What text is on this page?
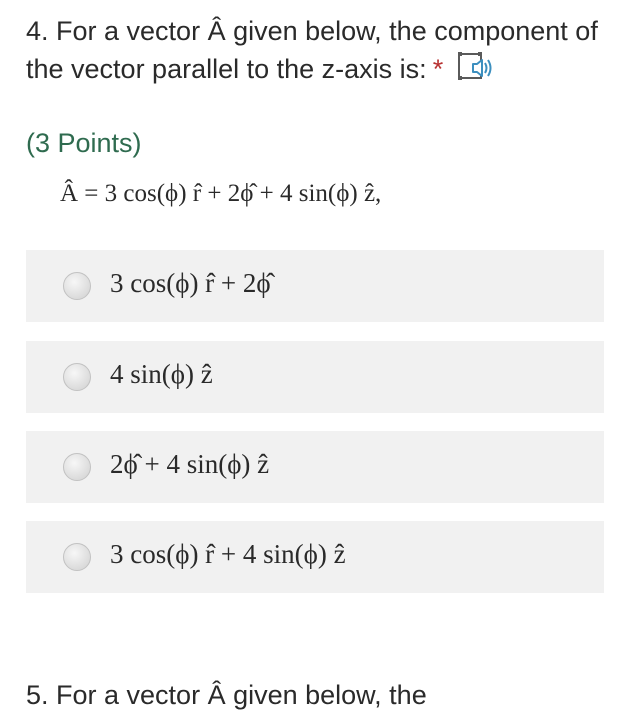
4. For a vector Â given below, the component of the vector parallel to the z-axis is: *
(3 Points)
Â = 3 cos(ϕ) r̂ + 2ϕ̂ + 4 sin(ϕ) ẑ,
3 cos(ϕ) r̂ + 2ϕ̂
4 sin(ϕ) ẑ
2ϕ̂ + 4 sin(ϕ) ẑ
3 cos(ϕ) r̂ + 4 sin(ϕ) ẑ
5. For a vector Â given below, the
